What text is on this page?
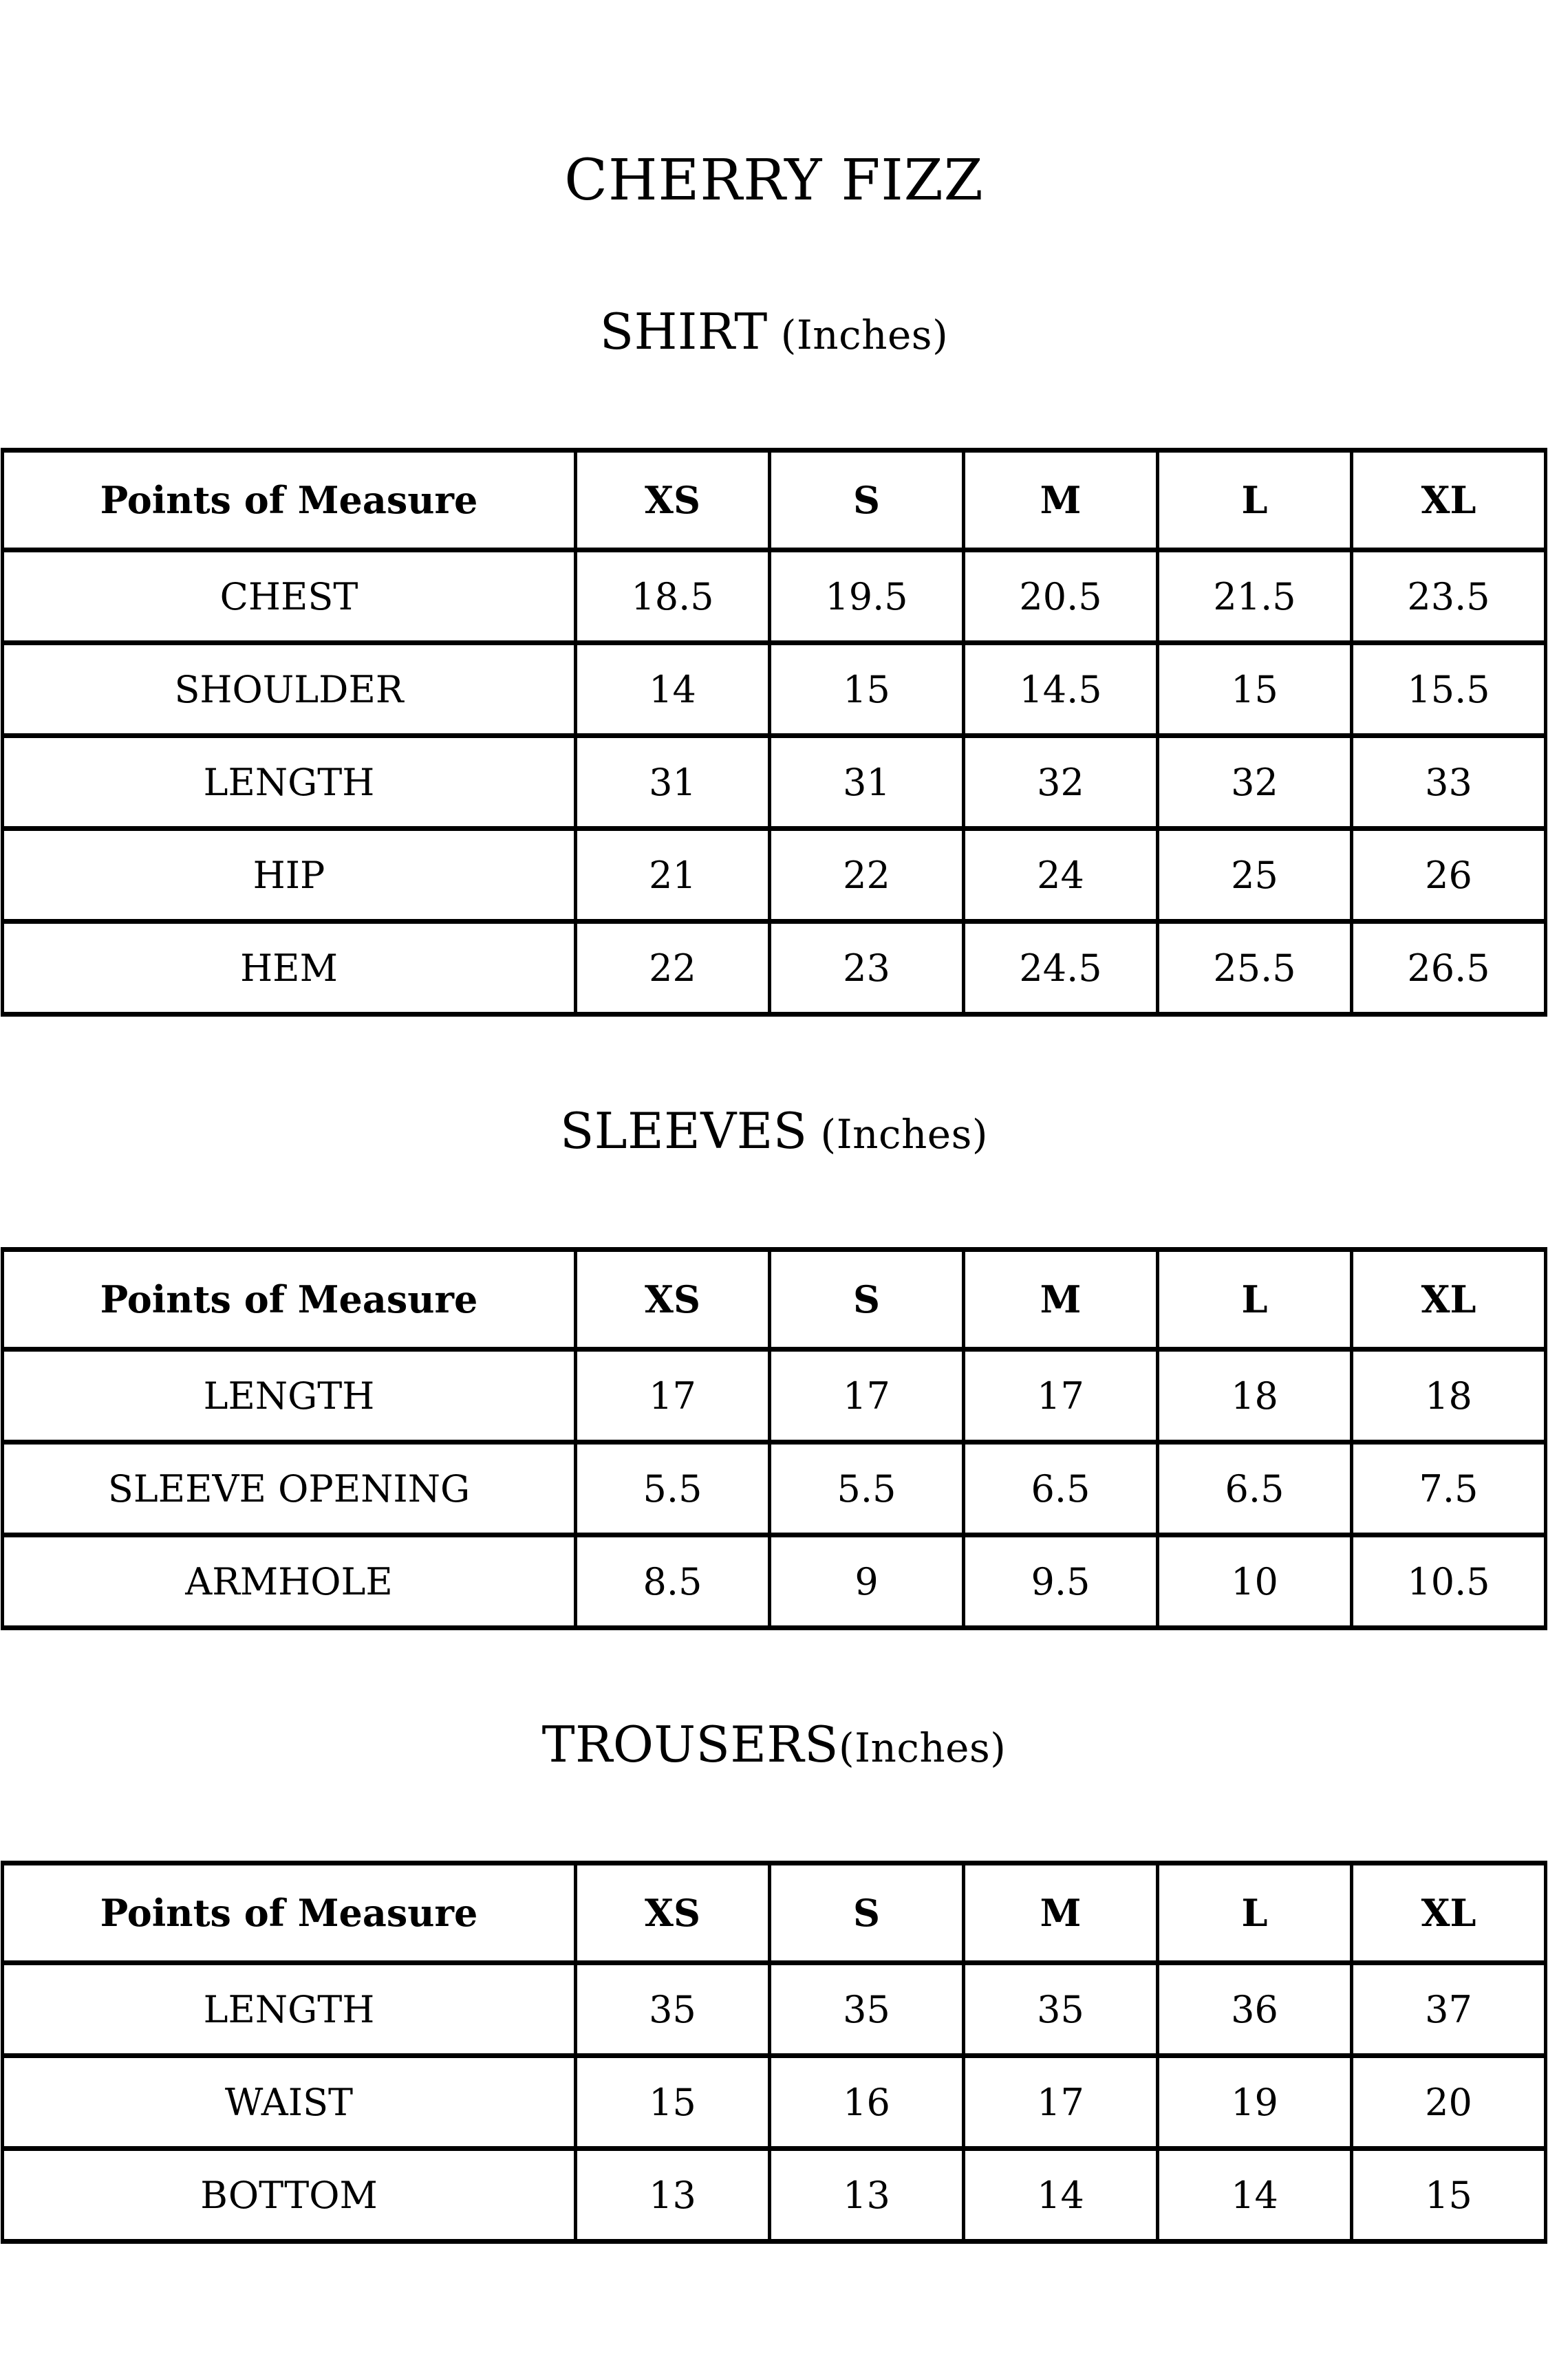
CHERRY FIZZ
SHIRT (Inches)
Points of Measure	XS	S	M	L	XL
CHEST	18.5	19.5	20.5	21.5	23.5
SHOULDER	14	15	14.5	15	15.5
LENGTH	31	31	32	32	33
HIP	21	22	24	25	26
HEM	22	23	24.5	25.5	26.5
SLEEVES (Inches)
Points of Measure	XS	S	M	L	XL
LENGTH	17	17	17	18	18
SLEEVE OPENING	5.5	5.5	6.5	6.5	7.5
ARMHOLE	8.5	9	9.5	10	10.5
TROUSERS(Inches)
Points of Measure	XS	S	M	L	XL
LENGTH	35	35	35	36	37
WAIST	15	16	17	19	20
BOTTOM	13	13	14	14	15
